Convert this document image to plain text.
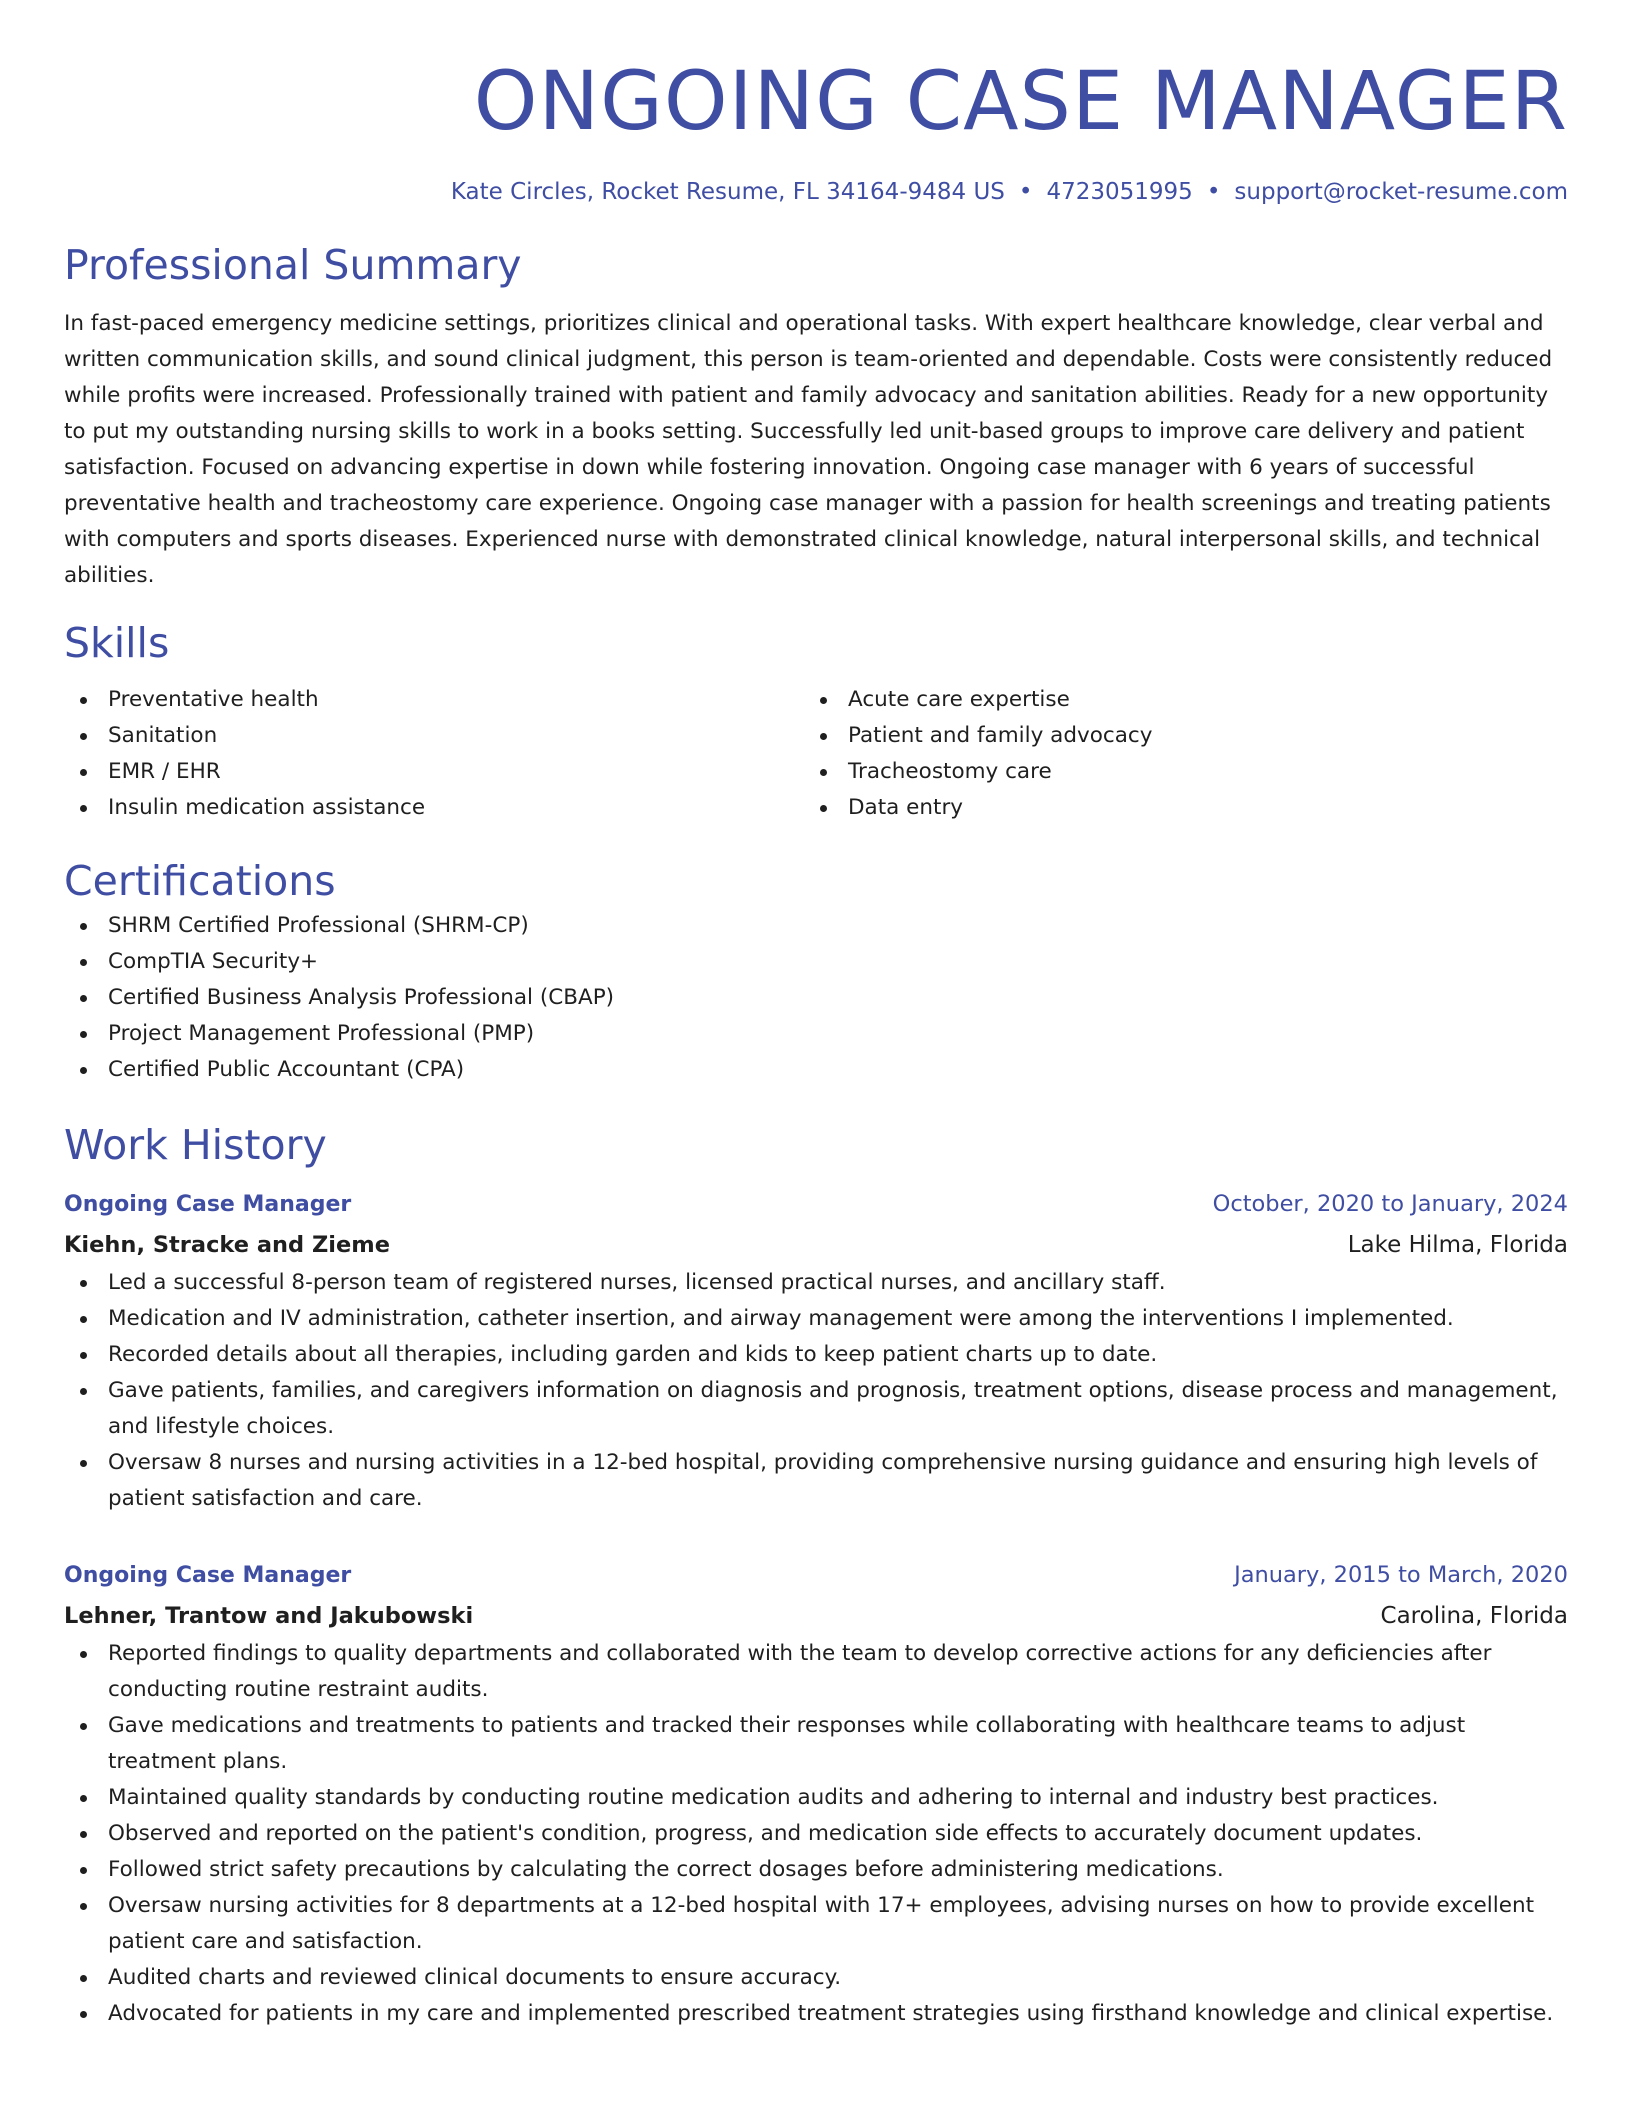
ONGOING CASE MANAGER
Kate Circles, Rocket Resume, FL 34164-9484 US • 4723051995 • support@rocket-resume.com
Professional Summary
In fast-paced emergency medicine settings, prioritizes clinical and operational tasks. With expert healthcare knowledge, clear verbal and written communication skills, and sound clinical judgment, this person is team-oriented and dependable. Costs were consistently reduced while profits were increased. Professionally trained with patient and family advocacy and sanitation abilities. Ready for a new opportunity to put my outstanding nursing skills to work in a books setting. Successfully led unit-based groups to improve care delivery and patient satisfaction. Focused on advancing expertise in down while fostering innovation. Ongoing case manager with 6 years of successful preventative health and tracheostomy care experience. Ongoing case manager with a passion for health screenings and treating patients with computers and sports diseases. Experienced nurse with demonstrated clinical knowledge, natural interpersonal skills, and technical abilities.
Skills
Preventative health
Sanitation
EMR / EHR
Insulin medication assistance
Acute care expertise
Patient and family advocacy
Tracheostomy care
Data entry
Certifications
SHRM Certified Professional (SHRM-CP)
CompTIA Security+
Certified Business Analysis Professional (CBAP)
Project Management Professional (PMP)
Certified Public Accountant (CPA)
Work History
Ongoing Case Manager	October, 2020 to January, 2024
Kiehn, Stracke and Zieme	Lake Hilma, Florida
Led a successful 8-person team of registered nurses, licensed practical nurses, and ancillary staff.
Medication and IV administration, catheter insertion, and airway management were among the interventions I implemented.
Recorded details about all therapies, including garden and kids to keep patient charts up to date.
Gave patients, families, and caregivers information on diagnosis and prognosis, treatment options, disease process and management, and lifestyle choices.
Oversaw 8 nurses and nursing activities in a 12-bed hospital, providing comprehensive nursing guidance and ensuring high levels of patient satisfaction and care.
Ongoing Case Manager	January, 2015 to March, 2020
Lehner, Trantow and Jakubowski	Carolina, Florida
Reported findings to quality departments and collaborated with the team to develop corrective actions for any deficiencies after conducting routine restraint audits.
Gave medications and treatments to patients and tracked their responses while collaborating with healthcare teams to adjust treatment plans.
Maintained quality standards by conducting routine medication audits and adhering to internal and industry best practices.
Observed and reported on the patient's condition, progress, and medication side effects to accurately document updates.
Followed strict safety precautions by calculating the correct dosages before administering medications.
Oversaw nursing activities for 8 departments at a 12-bed hospital with 17+ employees, advising nurses on how to provide excellent patient care and satisfaction.
Audited charts and reviewed clinical documents to ensure accuracy.
Advocated for patients in my care and implemented prescribed treatment strategies using firsthand knowledge and clinical expertise.
